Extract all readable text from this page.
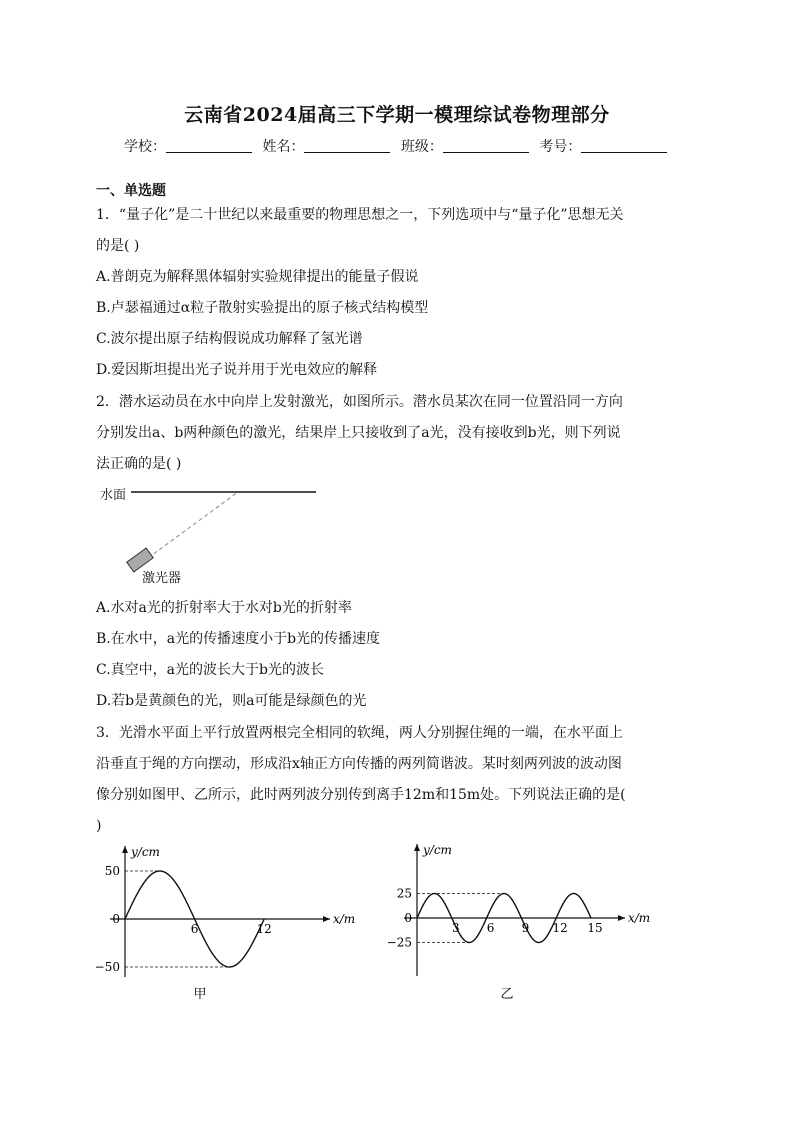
云南省2024届高三下学期一模理综试卷物理部分
学校：	姓名：	班级：	考号：
一、单选题
1．“量子化”是二十世纪以来最重要的物理思想之一，下列选项中与“量子化”思想无关
的是( )
A.普朗克为解释黑体辐射实验规律提出的能量子假说
B.卢瑟福通过α粒子散射实验提出的原子核式结构模型
C.波尔提出原子结构假说成功解释了氢光谱
D.爱因斯坦提出光子说并用于光电效应的解释
2．潜水运动员在水中向岸上发射激光，如图所示。潜水员某次在同一位置沿同一方向
分别发出a、b两种颜色的激光，结果岸上只接收到了a光，没有接收到b光，则下列说
法正确的是( )
水面
激光器
A.水对a光的折射率大于水对b光的折射率
B.在水中，a光的传播速度小于b光的传播速度
C.真空中，a光的波长大于b光的波长
D.若b是黄颜色的光，则a可能是绿颜色的光
3．光滑水平面上平行放置两根完全相同的软绳，两人分别握住绳的一端，在水平面上
沿垂直于绳的方向摆动，形成沿x轴正方向传播的两列简谐波。某时刻两列波的波动图
像分别如图甲、乙所示，此时两列波分别传到离手12m和15m处。下列说法正确的是(
)
y/cm
x/m
50
0
−50
6	12
甲
y/cm
x/m
25
0
−25
3 6 9 12 15
乙
